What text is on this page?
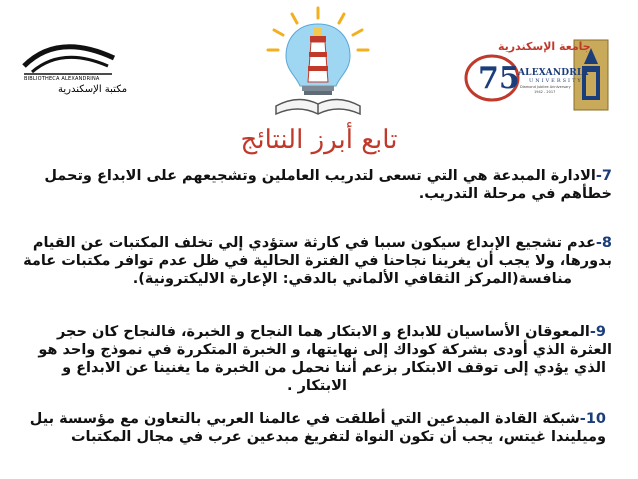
BIBLIOTHECA ALEXANDRINA
مكتبة الإسكندرية	75
جامعة الإسكندرية
ALEXANDRIA
UNIVERSITY
Diamond Jubilee Anniversary
1942 - 2017
تابع أبرز النتائج
7-الادارة المبدعة هي التي تسعى لتدريب العاملين وتشجيعهم على الابداع وتحمل
خطأهم في مرحلة التدريب.
8-عدم تشجيع الإبداع سيكون سببا في كارثة ستؤدي إلي تخلف المكتبات عن القيام
بدورها، ولا يجب أن يغرينا نجاحنا في الفترة الحالية في ظل عدم توافر مكتبات عامة
منافسة(المركز الثقافي الألماني بالدقي: الإعارة الاليكترونية).
9-المعوقان الأساسيان للابداع و الابتكار هما النجاح و الخبرة، فالنجاح كان حجر
العثرة الذي أودى بشركة كوداك إلى نهايتها، و الخبرة المتكررة في نموذج واحد هو
الذي يؤدي إلى توقف الابتكار بزعم أننا نحمل من الخبرة ما يغنينا عن الابداع و
الابتكار .
10-شبكة القادة المبدعين التي أطلقت في عالمنا العربي بالتعاون مع مؤسسة بيل
وميليندا غيتس، يجب أن تكون النواة لتفريغ مبدعين عرب في مجال المكتبات
